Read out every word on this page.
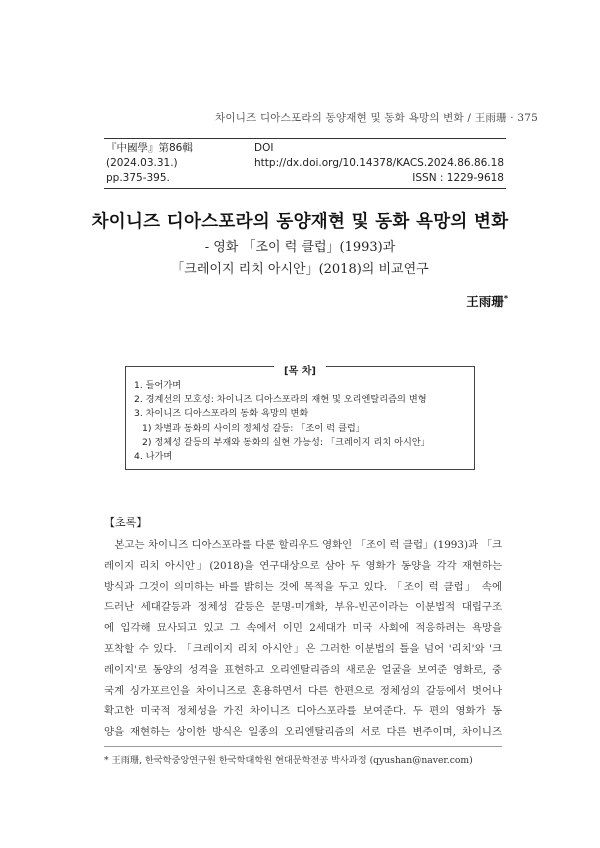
차이니즈 디아스포라의 동양재현 및 동화 욕망의 변화 / 王雨珊 · 375
『中國學』第86輯 (2024.03.31.)
DOI http://dx.doi.org/10.14378/KACS.2024.86.86.18
pp.375-395.	ISSN : 1229-9618
차이니즈 디아스포라의 동양재현 및 동화 욕망의 변화
- 영화 「조이 럭 클럽」(1993)과
「크레이지 리치 아시안」(2018)의 비교연구
王雨珊*
[목 차]
1. 들어가며
2. 경계선의 모호성: 차이니즈 디아스포라의 재현 및 오리엔탈리즘의 변형
3. 차이니즈 디아스포라의 동화 욕망의 변화
1) 차별과 동화의 사이의 정체성 갈등: 「조이 럭 클럽」
2) 정체성 갈등의 부재와 동화의 실현 가능성: 「크레이지 리치 아시안」
4. 나가며
【초록】
　본고는 차이니즈 디아스포라를 다룬 할리우드 영화인 「조이 럭 클럽」(1993)과 「크
레이지 리치 아시안」(2018)을 연구대상으로 삼아 두 영화가 동양을 각각 재현하는
방식과 그것이 의미하는 바를 밝히는 것에 목적을 두고 있다. 「조이 럭 클럽」 속에
드러난 세대갈등과 정체성 갈등은 문명-미개화, 부유-빈곤이라는 이분법적 대립구조
에 입각해 묘사되고 있고 그 속에서 이민 2세대가 미국 사회에 적응하려는 욕망을
포착할 수 있다. 「크레이지 리치 아시안」은 그러한 이분법의 틀을 넘어 '리치'와 '크
레이지'로 동양의 성격을 표현하고 오리엔탈리즘의 새로운 얼굴을 보여준 영화로, 중
국계 싱가포르인을 차이니즈로 혼용하면서 다른 한편으로 정체성의 갈등에서 벗어나
확고한 미국적 정체성을 가진 차이니즈 디아스포라를 보여준다. 두 편의 영화가 동
양을 재현하는 상이한 방식은 일종의 오리엔탈리즘의 서로 다른 변주이며, 차이니즈
* 王雨珊, 한국학중앙연구원 한국학대학원 현대문학전공 박사과정 (qyushan@naver.com)
